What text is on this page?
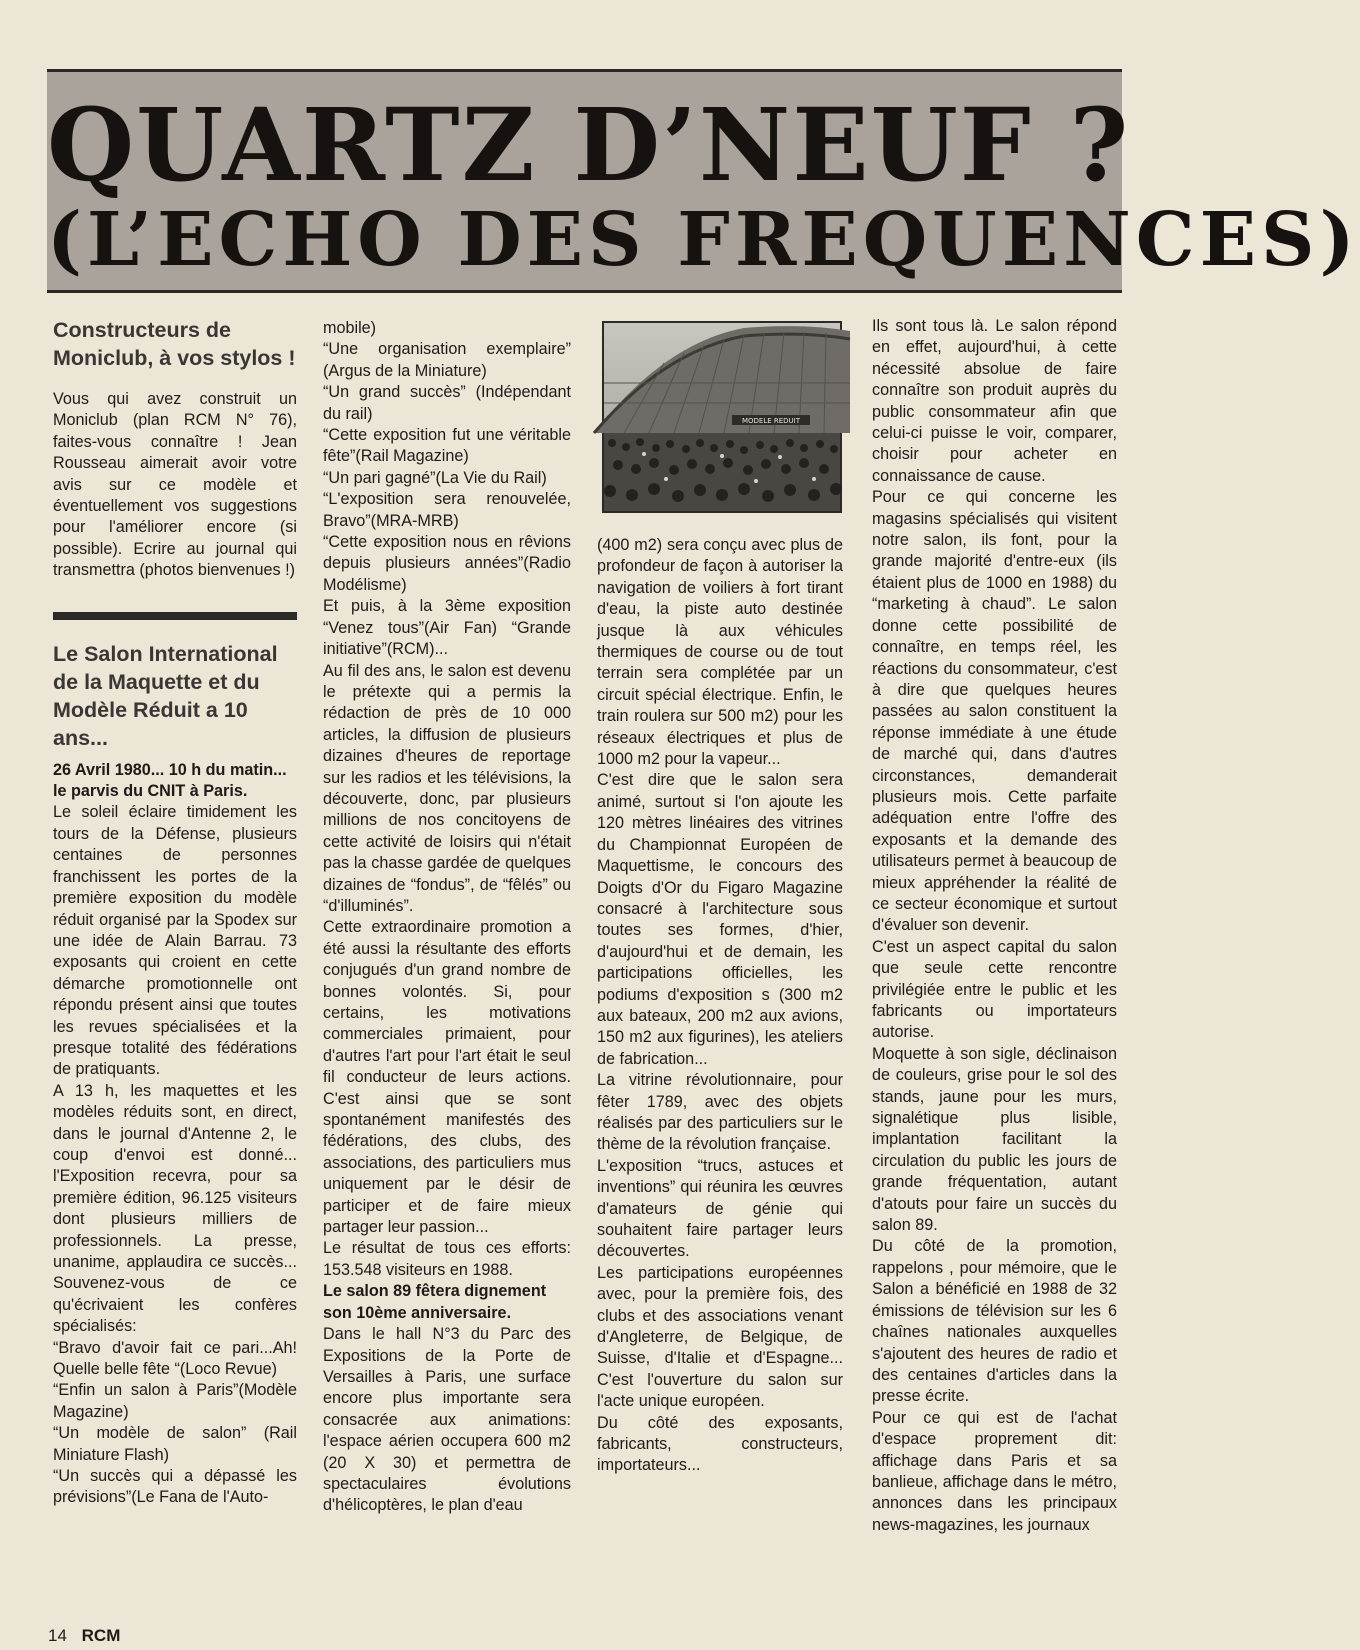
QUARTZ D’NEUF ?
(L’ECHO DES FREQUENCES)
Constructeurs de Moniclub, à vos stylos !

Vous qui avez construit un Moniclub (plan RCM N° 76), faites-vous connaître ! Jean Rousseau aimerait avoir votre avis sur ce modèle et éventuellement vos suggestions pour l'améliorer encore (si possible). Ecrire au journal qui transmettra (photos bienvenues !)

Le Salon International de la Maquette et du Modèle Réduit a 10 ans...

26 Avril 1980... 10 h du matin... le parvis du CNIT à Paris.

Le soleil éclaire timidement les tours de la Défense, plusieurs centaines de personnes franchissent les portes de la première exposition du modèle réduit organisé par la Spodex sur une idée de Alain Barrau. 73 exposants qui croient en cette démarche promotionnelle ont répondu présent ainsi que toutes les revues spécialisées et la presque totalité des fédérations de pratiquants.

A 13 h, les maquettes et les modèles réduits sont, en direct, dans le journal d'Antenne 2, le coup d'envoi est donné... l'Exposition recevra, pour sa première édition, 96.125 visiteurs dont plusieurs milliers de professionnels. La presse, unanime, applaudira ce succès... Souvenez-vous de ce qu'écrivaient les confères spécialisés:

“Bravo d'avoir fait ce pari...Ah! Quelle belle fête “(Loco Revue)

“Enfin un salon à Paris”(Modèle Magazine)

“Un modèle de salon” (Rail Miniature Flash)

“Un succès qui a dépassé les prévisions”(Le Fana de l'Auto-

mobile)

“Une organisation exemplaire” (Argus de la Miniature)

“Un grand succès” (Indépendant du rail)

“Cette exposition fut une véritable fête”(Rail Magazine)

“Un pari gagné”(La Vie du Rail)

“L'exposition sera renouvelée, Bravo”(MRA-MRB)

“Cette exposition nous en rêvions depuis plusieurs années”(Radio Modélisme)

Et puis, à la 3ème exposition “Venez tous”(Air Fan) “Grande initiative”(RCM)...

Au fil des ans, le salon est devenu le prétexte qui a permis la rédaction de près de 10 000 articles, la diffusion de plusieurs dizaines d'heures de reportage sur les radios et les télévisions, la découverte, donc, par plusieurs millions de nos concitoyens de cette activité de loisirs qui n'était pas la chasse gardée de quelques dizaines de “fondus”, de “fêlés” ou “d'illuminés”.

Cette extraordinaire promotion a été aussi la résultante des efforts conjugués d'un grand nombre de bonnes volontés. Si, pour certains, les motivations commerciales primaient, pour d'autres l'art pour l'art était le seul fil conducteur de leurs actions. C'est ainsi que se sont spontanément manifestés des fédérations, des clubs, des associations, des particuliers mus uniquement par le désir de participer et de faire mieux partager leur passion...

Le résultat de tous ces efforts: 153.548 visiteurs en 1988.

Le salon 89 fêtera dignement son 10ème anniversaire.

Dans le hall N°3 du Parc des Expositions de la Porte de Versailles à Paris, une surface encore plus importante sera consacrée aux animations: l'espace aérien occupera 600 m2 (20 X 30) et permettra de spectaculaires évolutions d'hélicoptères, le plan d'eau

MODELE REDUIT

(400 m2) sera conçu avec plus de profondeur de façon à autoriser la navigation de voiliers à fort tirant d'eau, la piste auto destinée jusque là aux véhicules thermiques de course ou de tout terrain sera complétée par un circuit spécial électrique. Enfin, le train roulera sur 500 m2) pour les réseaux électriques et plus de 1000 m2 pour la vapeur...

C'est dire que le salon sera animé, surtout si l'on ajoute les 120 mètres linéaires des vitrines du Championnat Européen de Maquettisme, le concours des Doigts d'Or du Figaro Magazine consacré à l'architecture sous toutes ses formes, d'hier, d'aujourd'hui et de demain, les participations officielles, les podiums d'exposition s (300 m2 aux bateaux, 200 m2 aux avions, 150 m2 aux figurines), les ateliers de fabrication...

La vitrine révolutionnaire, pour fêter 1789, avec des objets réalisés par des particuliers sur le thème de la révolution française.

L'exposition “trucs, astuces et inventions” qui réunira les œuvres d'amateurs de génie qui souhaitent faire partager leurs découvertes.

Les participations européennes avec, pour la première fois, des clubs et des associations venant d'Angleterre, de Belgique, de Suisse, d'Italie et d'Espagne... C'est l'ouverture du salon sur l'acte unique européen.

Du côté des exposants, fabricants, constructeurs, importateurs...

Ils sont tous là. Le salon répond en effet, aujourd'hui, à cette nécessité absolue de faire connaître son produit auprès du public consommateur afin que celui-ci puisse le voir, comparer, choisir pour acheter en connaissance de cause.

Pour ce qui concerne les magasins spécialisés qui visitent notre salon, ils font, pour la grande majorité d'entre-eux (ils étaient plus de 1000 en 1988) du “marketing à chaud”. Le salon donne cette possibilité de connaître, en temps réel, les réactions du consommateur, c'est à dire que quelques heures passées au salon constituent la réponse immédiate à une étude de marché qui, dans d'autres circonstances, demanderait plusieurs mois. Cette parfaite adéquation entre l'offre des exposants et la demande des utilisateurs permet à beaucoup de mieux appréhender la réalité de ce secteur économique et surtout d'évaluer son devenir.

C'est un aspect capital du salon que seule cette rencontre privilégiée entre le public et les fabricants ou importateurs autorise.

Moquette à son sigle, déclinaison de couleurs, grise pour le sol des stands, jaune pour les murs, signalétique plus lisible, implantation facilitant la circulation du public les jours de grande fréquentation, autant d'atouts pour faire un succès du salon 89.

Du côté de la promotion, rappelons , pour mémoire, que le Salon a bénéficié en 1988 de 32 émissions de télévision sur les 6 chaînes nationales auxquelles s'ajoutent des heures de radio et des centaines d'articles dans la presse écrite.

Pour ce qui est de l'achat d'espace proprement dit: affichage dans Paris et sa banlieue, affichage dans le métro, annonces dans les principaux news-magazines, les journaux

14 RCM
